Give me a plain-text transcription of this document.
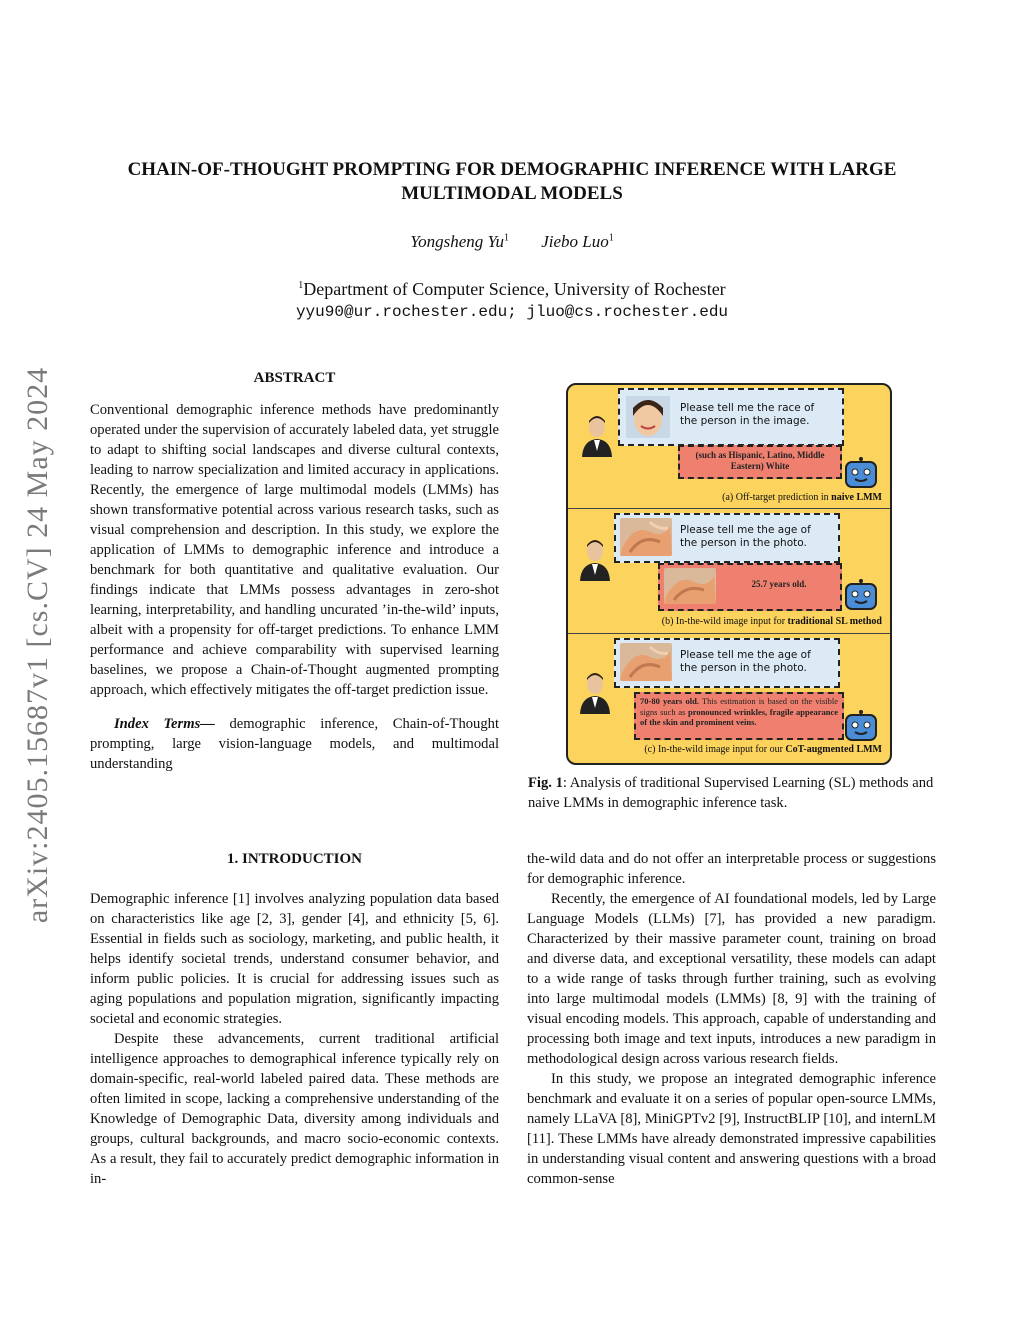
arXiv:2405.15687v1 [cs.CV] 24 May 2024
CHAIN-OF-THOUGHT PROMPTING FOR DEMOGRAPHIC INFERENCE WITH LARGE
MULTIMODAL MODELS
Yongsheng Yu$^1$ Jiebo Luo$^1$
$^1$Department of Computer Science, University of Rochester
yyu90@ur.rochester.edu; jluo@cs.rochester.edu

ABSTRACT

Conventional demographic inference methods have predominantly operated under the supervision of accurately labeled data, yet struggle to adapt to shifting social landscapes and diverse cultural contexts, leading to narrow specialization and limited accuracy in applications. Recently, the emergence of large multimodal models (LMMs) has shown transformative potential across various research tasks, such as visual comprehension and description. In this study, we explore the application of LMMs to demographic inference and introduce a benchmark for both quantitative and qualitative evaluation. Our findings indicate that LMMs possess advantages in zero-shot learning, interpretability, and handling uncurated ’in-the-wild’ inputs, albeit with a propensity for off-target predictions. To enhance LMM performance and achieve comparability with supervised learning baselines, we propose a Chain-of-Thought augmented prompting approach, which effectively mitigates the off-target prediction issue.

Index Terms— demographic inference, Chain-of-Thought prompting, large vision-language models, and multimodal understanding

1. INTRODUCTION

Demographic inference [1] involves analyzing population data based on characteristics like age [2, 3], gender [4], and ethnicity [5, 6]. Essential in fields such as sociology, marketing, and public health, it helps identify societal trends, understand consumer behavior, and inform public policies. It is crucial for addressing issues such as aging populations and population migration, significantly impacting societal and economic strategies.

Despite these advancements, current traditional artificial intelligence approaches to demographical inference typically rely on domain-specific, real-world labeled paired data. These methods are often limited in scope, lacking a comprehensive understanding of the Knowledge of Demographic Data, diversity among individuals and groups, cultural backgrounds, and macro socio-economic contexts. As a result, they fail to accurately predict demographic information in in-

Please tell me the race of the person in the image.
(such as Hispanic, Latino, Middle Eastern) White
(a) Off-target prediction in naive LMM
Please tell me the age of the person in the photo.
25.7 years old.
(b) In-the-wild image input for traditional SL method
Please tell me the age of the person in the photo.
70-80 years old. This estimation is based on the visible signs such as pronounced wrinkles, fragile appearance of the skin and prominent veins.
(c) In-the-wild image input for our CoT-augmented LMM
Fig. 1: Analysis of traditional Supervised Learning (SL) methods and naive LMMs in demographic inference task.

the-wild data and do not offer an interpretable process or suggestions for demographic inference.

Recently, the emergence of AI foundational models, led by Large Language Models (LLMs) [7], has provided a new paradigm. Characterized by their massive parameter count, training on broad and diverse data, and exceptional versatility, these models can adapt to a wide range of tasks through further training, such as evolving into large multimodal models (LMMs) [8, 9] with the training of visual encoding models. This approach, capable of understanding and processing both image and text inputs, introduces a new paradigm in methodological design across various research fields.

In this study, we propose an integrated demographic inference benchmark and evaluate it on a series of popular open-source LMMs, namely LLaVA [8], MiniGPTv2 [9], InstructBLIP [10], and internLM [11]. These LMMs have already demonstrated impressive capabilities in understanding visual content and answering questions with a broad common-sense
